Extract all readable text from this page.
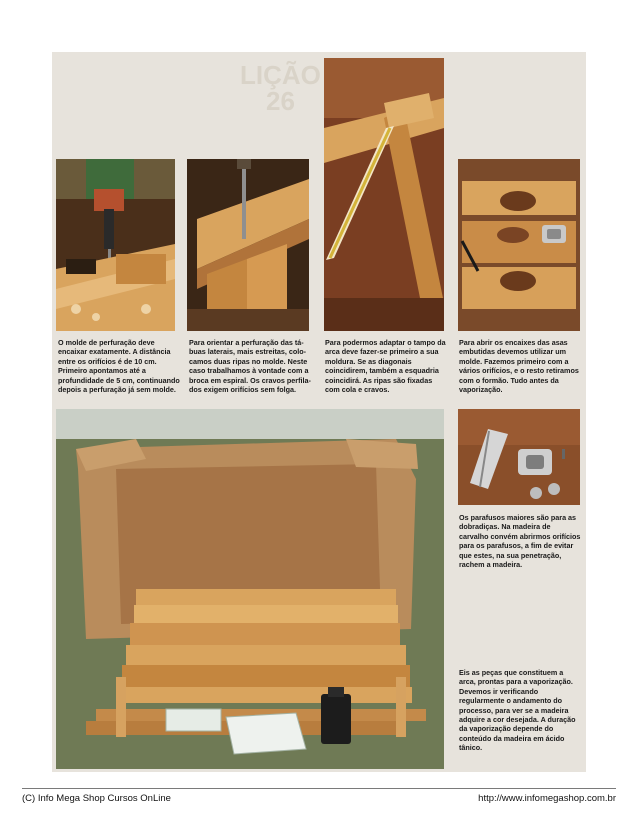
LIÇÃO
26

O molde de perfuração deve
encaixar exatamente. A distância
entre os orifícios é de 10 cm.
Primeiro apontamos até a
profundidade de 5 cm, continuando
depois a perfuração já sem molde.

Para orientar a perfuração das tá-
buas laterais, mais estreitas, colo-
camos duas ripas no molde. Neste
caso trabalhamos à vontade com a
broca em espiral. Os cravos perfila-
dos exigem orifícios sem folga.

Para podermos adaptar o tampo da
arca deve fazer-se primeiro a sua
moldura. Se as diagonais
coincidirem, também a esquadria
coincidirá. As ripas são fixadas
com cola e cravos.

Para abrir os encaixes das asas
embutidas devemos utilizar um
molde. Fazemos primeiro com a
vários orifícios, e o resto retiramos
com o formão. Tudo antes da
vaporização.

Os parafusos maiores são para as
dobradiças. Na madeira de
carvalho convém abrirmos orifícios
para os parafusos, a fim de evitar
que estes, na sua penetração,
rachem a madeira.

Eis as peças que constituem a
arca, prontas para a vaporização.
Devemos ir verificando
regularmente o andamento do
processo, para ver se a madeira
adquire a cor desejada. A duração
da vaporização depende do
conteúdo da madeira em ácido
tânico.

(C) Info Mega Shop Cursos OnLine	http://www.infomegashop.com.br
